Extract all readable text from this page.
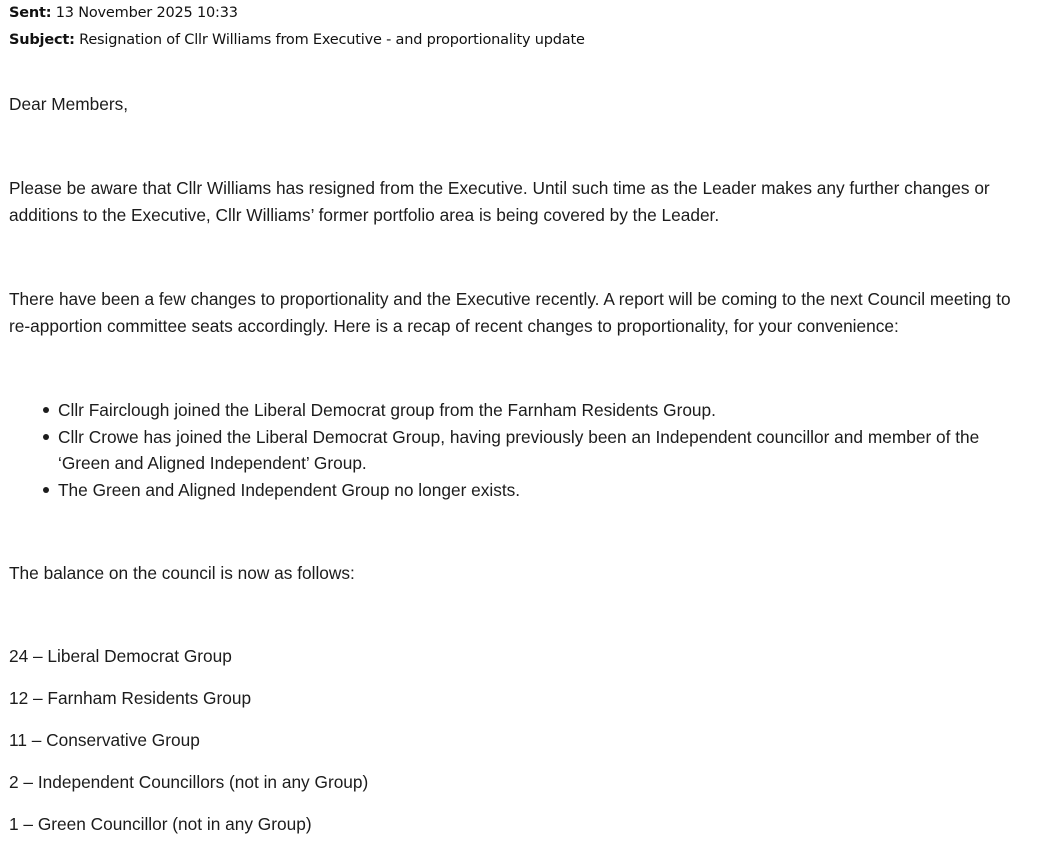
Sent: 13 November 2025 10:33
Subject: Resignation of Cllr Williams from Executive - and proportionality update

Dear Members,

Please be aware that Cllr Williams has resigned from the Executive. Until such time as the Leader makes any further changes or additions to the Executive, Cllr Williams’ former portfolio area is being covered by the Leader.

There have been a few changes to proportionality and the Executive recently. A report will be coming to the next Council meeting to re-apportion committee seats accordingly. Here is a recap of recent changes to proportionality, for your convenience:

Cllr Fairclough joined the Liberal Democrat group from the Farnham Residents Group.
Cllr Crowe has joined the Liberal Democrat Group, having previously been an Independent councillor and member of the ‘Green and Aligned Independent’ Group.
The Green and Aligned Independent Group no longer exists.

The balance on the council is now as follows:

24 – Liberal Democrat Group
12 – Farnham Residents Group
11 – Conservative Group
2 – Independent Councillors (not in any Group)
1 – Green Councillor (not in any Group)
